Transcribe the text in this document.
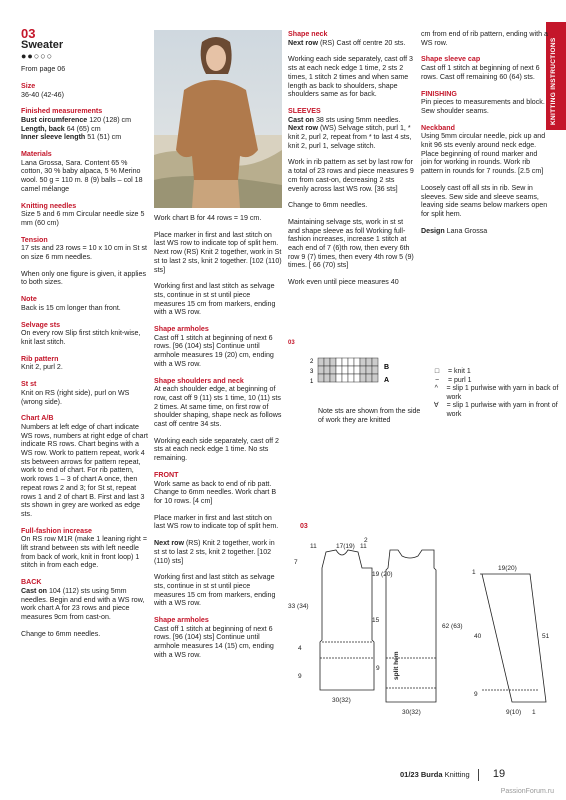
KNITTING INSTRUCTIONS
03
Sweater
●●○○○

From page 06

Size
36-40 (42-46)

Finished measurements
Bust circumference 120 (128) cm
Length, back 64 (65) cm
Inner sleeve length 51 (51) cm

Materials
Lana Grossa, Sara. Content 65 % cotton, 30 % baby alpaca, 5 % Merino wool. 50 g = 110 m. 8 (9) balls – col 18 camel mélange

Knitting needles
Size 5 and 6 mm Circular needle size 5 mm (60 cm)

Tension
17 sts and 23 rows = 10 x 10 cm in St st on size 6 mm needles.

When only one figure is given, it applies to both sizes.

Note
Back is 15 cm longer than front.

Selvage sts
On every row Slip first stitch knit-wise, knit last stitch.

Rib pattern
Knit 2, purl 2.

St st
Knit on RS (right side), purl on WS (wrong side).

Chart A/B
Numbers at left edge of chart indicate WS rows, numbers at right edge of chart indicate RS rows. Chart begins with a WS row. Work to pattern repeat, work 4 sts between arrows for pattern repeat, work to end of chart. For rib pattern, work rows 1 – 3 of chart A once, then repeat rows 2 and 3; for St st, repeat rows 1 and 2 of chart B. First and last 3 sts shown in grey are worked as edge sts.

Full-fashion increase
On RS row M1R (make 1 leaning right = lift strand between sts with left needle from back of work, knit in front loop) 1 stitch in from each edge.

BACK
Cast on 104 (112) sts using 5mm needles. Begin and end with a WS row, work chart A for 23 rows and piece measures 9cm from cast-on.

Change to 6mm needles.

Work chart B for 44 rows = 19 cm.

Place marker in first and last stitch on last WS row to indicate top of split hem. Next row (RS) Knit 2 together, work in St st to last 2 sts, knit 2 together. [102 (110) sts]

Working first and last stitch as selvage sts, continue in st st until piece measures 15 cm from markers, ending with a WS row.

Shape armholes
Cast off 1 stitch at beginning of next 6 rows. [96 (104) sts] Continue until armhole measures 19 (20) cm, ending with a WS row.

Shape shoulders and neck
At each shoulder edge, at beginning of row, cast off 9 (11) sts 1 time, 10 (11) sts 2 times. At same time, on first row of shoulder shaping, shape neck as follows cast off centre 34 sts.

Working each side separately, cast off 2 sts at each neck edge 1 time. No sts remaining.

FRONT
Work same as back to end of rib patt. Change to 6mm needles. Work chart B for 10 rows. [4 cm]

Place marker in first and last stitch on last WS row to indicate top of split hem.

Next row (RS) Knit 2 together, work in st st to last 2 sts, knit 2 together. [102 (110) sts]

Working first and last stitch as selvage sts, continue in st st until piece measures 15 cm from markers, ending with a WS row.

Shape armholes
Cast off 1 stitch at beginning of next 6 rows. [96 (104) sts] Continue until armhole measures 14 (15) cm, ending with a WS row.

Shape neck
Next row (RS) Cast off centre 20 sts.

Working each side separately, cast off 3 sts at each neck edge 1 time, 2 sts 2 times, 1 stitch 2 times and when same length as back to shoulders, shape shoulders same as for back.

SLEEVES
Cast on 38 sts using 5mm needles.
Next row (WS) Selvage stitch, purl 1, * knit 2, purl 2, repeat from * to last 4 sts, knit 2, purl 1, selvage stitch.

Work in rib pattern as set by last row for a total of 23 rows and piece measures 9 cm from cast-on, decreasing 2 sts evenly across last WS row. [36 sts]

Change to 6mm needles.

Maintaining selvage sts, work in st st and shape sleeve as foll Working full-fashion increases, increase 1 stitch at each end of 7 (6)th row, then every 6th row 9 (7) times, then every 4th row 5 (9) times. [ 66 (70) sts]

Work even until piece measures 40

cm from end of rib pattern, ending with a WS row.

Shape sleeve cap
Cast off 1 stitch at beginning of next 6 rows. Cast off remaining 60 (64) sts.

FINISHING
Pin pieces to measurements and block. Sew shoulder seams.

Neckband
Using 5mm circular needle, pick up and knit 96 sts evenly around neck edge. Place beginning of round marker and join for working in rounds. Work rib pattern in rounds for 7 rounds. [2.5 cm]

Loosely cast off all sts in rib. Sew in sleeves. Sew side and sleeve seams, leaving side seams below markers open for split hem.

Design Lana Grossa

03
2
3
1
B
A
□	= knit 1
−	= purl 1
^	= slip 1 purlwise with yarn in back of work
∀	= slip 1 purlwise with yarn in front of work
Note sts are shown from the side of work they are knitted
03
11	17(19) 11
2
7
19 (20)
33 (34)
15
4
9
30(32)
9
62 (63)
30(32)
19(20)
1
40	51
9
9(10) 1
split hem
01/23 Burda Knitting 19
PassionForum.ru
